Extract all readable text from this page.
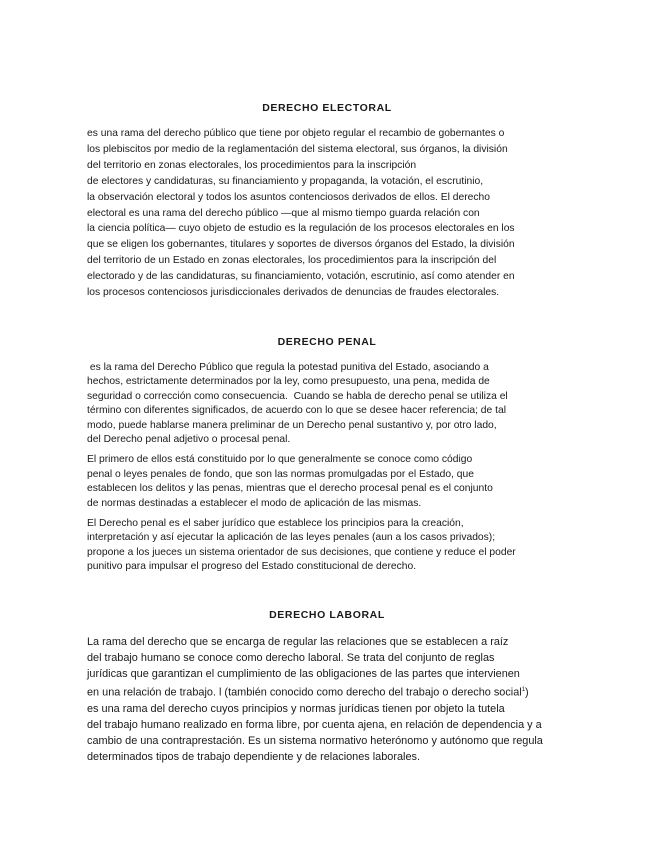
DERECHO ELECTORAL

es una rama del derecho público que tiene por objeto regular el recambio de gobernantes o

los plebiscitos por medio de la reglamentación del sistema electoral, sus órganos, la división

del territorio en zonas electorales, los procedimientos para la inscripción

de electores y candidaturas, su financiamiento y propaganda, la votación, el escrutinio,

la observación electoral y todos los asuntos contenciosos derivados de ellos. El derecho

electoral es una rama del derecho público —que al mismo tiempo guarda relación con

la ciencia política— cuyo objeto de estudio es la regulación de los procesos electorales en los

que se eligen los gobernantes, titulares y soportes de diversos órganos del Estado, la división

del territorio de un Estado en zonas electorales, los procedimientos para la inscripción del

electorado y de las candidaturas, su financiamiento, votación, escrutinio, así como atender en

los procesos contenciosos jurisdiccionales derivados de denuncias de fraudes electorales.

DERECHO PENAL

es la rama del Derecho Público que regula la potestad punitiva del Estado, asociando a

hechos, estrictamente determinados por la ley, como presupuesto, una pena, medida de

seguridad o corrección como consecuencia.  Cuando se habla de derecho penal se utiliza el

término con diferentes significados, de acuerdo con lo que se desee hacer referencia; de tal

modo, puede hablarse manera preliminar de un Derecho penal sustantivo y, por otro lado,

del Derecho penal adjetivo o procesal penal.

El primero de ellos está constituido por lo que generalmente se conoce como código

penal o leyes penales de fondo, que son las normas promulgadas por el Estado, que

establecen los delitos y las penas, mientras que el derecho procesal penal es el conjunto

de normas destinadas a establecer el modo de aplicación de las mismas.

El Derecho penal es el saber jurídico que establece los principios para la creación,

interpretación y así ejecutar la aplicación de las leyes penales (aun a los casos privados);

propone a los jueces un sistema orientador de sus decisiones, que contiene y reduce el poder

punitivo para impulsar el progreso del Estado constitucional de derecho.

DERECHO LABORAL

La rama del derecho que se encarga de regular las relaciones que se establecen a raíz

del trabajo humano se conoce como derecho laboral. Se trata del conjunto de reglas

jurídicas que garantizan el cumplimiento de las obligaciones de las partes que intervienen

en una relación de trabajo. l (también conocido como derecho del trabajo o derecho social$^1$)

es una rama del derecho cuyos principios y normas jurídicas tienen por objeto la tutela

del trabajo humano realizado en forma libre, por cuenta ajena, en relación de dependencia y a

cambio de una contraprestación. Es un sistema normativo heterónomo y autónomo que regula

determinados tipos de trabajo dependiente y de relaciones laborales.
